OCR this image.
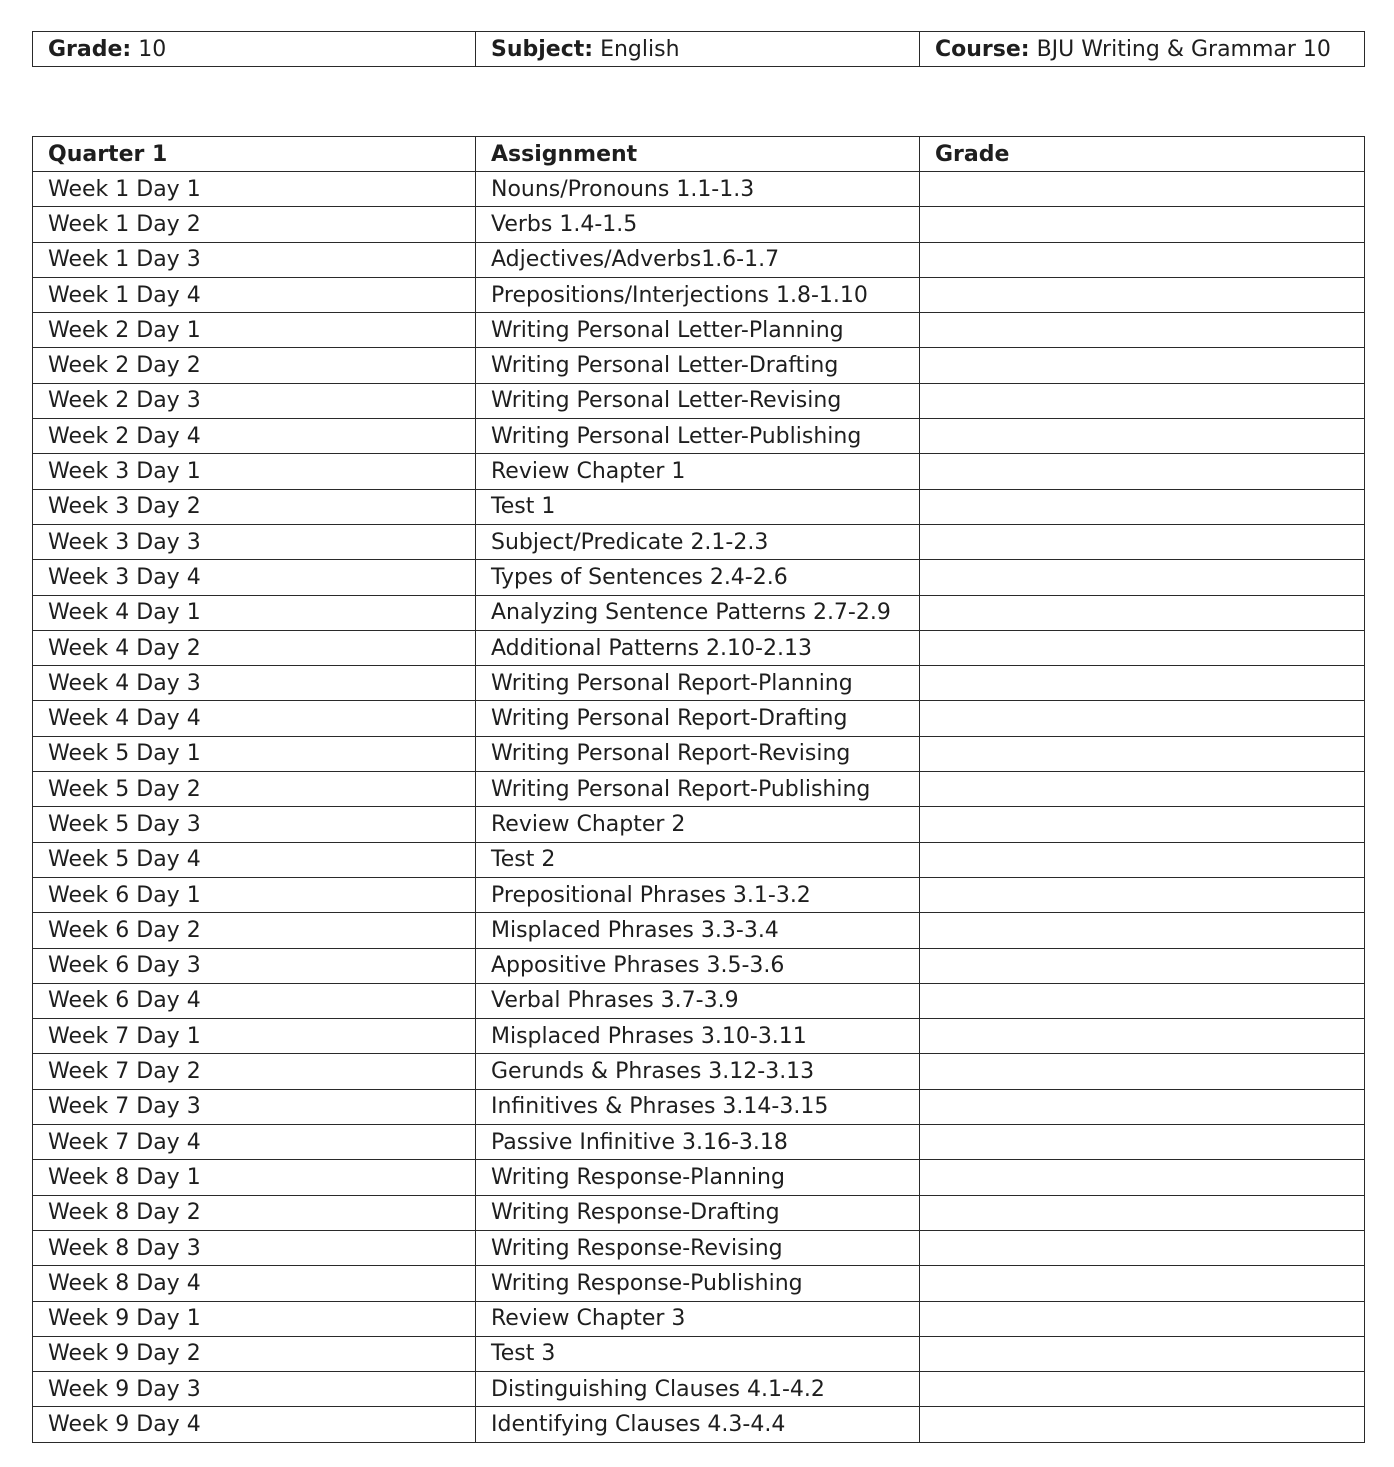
Grade: 10	Subject: English	Course: BJU Writing & Grammar 10
Quarter 1	Assignment	Grade
Week 1 Day 1	Nouns/Pronouns 1.1-1.3	
Week 1 Day 2	Verbs 1.4-1.5	
Week 1 Day 3	Adjectives/Adverbs1.6-1.7	
Week 1 Day 4	Prepositions/Interjections 1.8-1.10	
Week 2 Day 1	Writing Personal Letter-Planning	
Week 2 Day 2	Writing Personal Letter-Drafting	
Week 2 Day 3	Writing Personal Letter-Revising	
Week 2 Day 4	Writing Personal Letter-Publishing	
Week 3 Day 1	Review Chapter 1	
Week 3 Day 2	Test 1	
Week 3 Day 3	Subject/Predicate 2.1-2.3	
Week 3 Day 4	Types of Sentences 2.4-2.6	
Week 4 Day 1	Analyzing Sentence Patterns 2.7-2.9	
Week 4 Day 2	Additional Patterns 2.10-2.13	
Week 4 Day 3	Writing Personal Report-Planning	
Week 4 Day 4	Writing Personal Report-Drafting	
Week 5 Day 1	Writing Personal Report-Revising	
Week 5 Day 2	Writing Personal Report-Publishing	
Week 5 Day 3	Review Chapter 2	
Week 5 Day 4	Test 2	
Week 6 Day 1	Prepositional Phrases 3.1-3.2	
Week 6 Day 2	Misplaced Phrases 3.3-3.4	
Week 6 Day 3	Appositive Phrases 3.5-3.6	
Week 6 Day 4	Verbal Phrases 3.7-3.9	
Week 7 Day 1	Misplaced Phrases 3.10-3.11	
Week 7 Day 2	Gerunds & Phrases 3.12-3.13	
Week 7 Day 3	Infinitives & Phrases 3.14-3.15	
Week 7 Day 4	Passive Infinitive 3.16-3.18	
Week 8 Day 1	Writing Response-Planning	
Week 8 Day 2	Writing Response-Drafting	
Week 8 Day 3	Writing Response-Revising	
Week 8 Day 4	Writing Response-Publishing	
Week 9 Day 1	Review Chapter 3	
Week 9 Day 2	Test 3	
Week 9 Day 3	Distinguishing Clauses 4.1-4.2	
Week 9 Day 4	Identifying Clauses 4.3-4.4	
